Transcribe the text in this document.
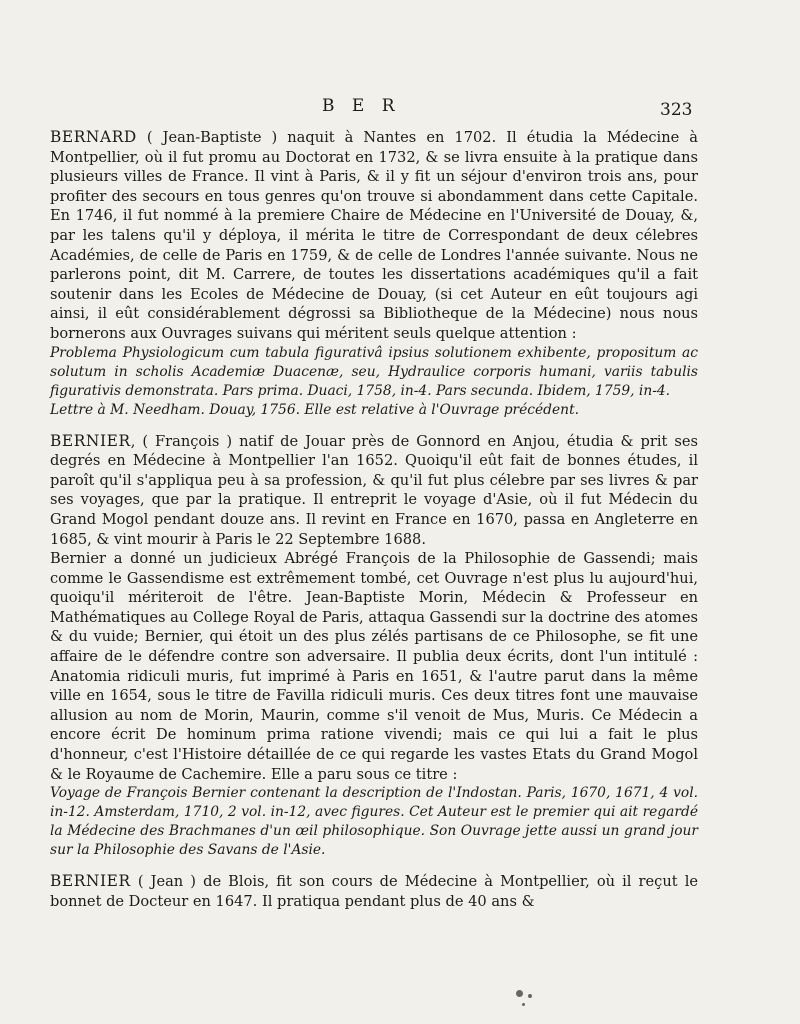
B E R	323

BERNARD ( Jean-Baptiste ) naquit à Nantes en 1702. Il étudia la Médecine à Montpellier, où il fut promu au Doctorat en 1732, & se livra ensuite à la pratique dans plusieurs villes de France. Il vint à Paris, & il y fit un séjour d'environ trois ans, pour profiter des secours en tous genres qu'on trouve si abondamment dans cette Capitale. En 1746, il fut nommé à la premiere Chaire de Médecine en l'Université de Douay, &, par les talens qu'il y déploya, il mérita le titre de Correspondant de deux célebres Académies, de celle de Paris en 1759, & de celle de Londres l'année suivante. Nous ne parlerons point, dit M. Carrere, de toutes les dissertations académiques qu'il a fait soutenir dans les Ecoles de Médecine de Douay, (si cet Auteur en eût toujours agi ainsi, il eût considérablement dégrossi sa Bibliotheque de la Médecine) nous nous bornerons aux Ouvrages suivans qui méritent seuls quelque attention :

Problema Physiologicum cum tabula figurativâ ipsius solutionem exhibente, propositum ac solutum in scholis Academiæ Duacenæ, seu, Hydraulice corporis humani, variis tabulis figurativis demonstrata. Pars prima. Duaci, 1758, in-4. Pars secunda. Ibidem, 1759, in-4.

Lettre à M. Needham. Douay, 1756. Elle est relative à l'Ouvrage précédent.

BERNIER, ( François ) natif de Jouar près de Gonnord en Anjou, étudia & prit ses degrés en Médecine à Montpellier l'an 1652. Quoiqu'il eût fait de bonnes études, il paroît qu'il s'appliqua peu à sa profession, & qu'il fut plus célebre par ses livres & par ses voyages, que par la pratique. Il entreprit le voyage d'Asie, où il fut Médecin du Grand Mogol pendant douze ans. Il revint en France en 1670, passa en Angleterre en 1685, & vint mourir à Paris le 22 Septembre 1688.

Bernier a donné un judicieux Abrégé François de la Philosophie de Gassendi; mais comme le Gassendisme est extrêmement tombé, cet Ouvrage n'est plus lu aujourd'hui, quoiqu'il mériteroit de l'être. Jean-Baptiste Morin, Médecin & Professeur en Mathématiques au College Royal de Paris, attaqua Gassendi sur la doctrine des atomes & du vuide; Bernier, qui étoit un des plus zélés partisans de ce Philosophe, se fit une affaire de le défendre contre son adversaire. Il publia deux écrits, dont l'un intitulé : Anatomia ridiculi muris, fut imprimé à Paris en 1651, & l'autre parut dans la même ville en 1654, sous le titre de Favilla ridiculi muris. Ces deux titres font une mauvaise allusion au nom de Morin, Maurin, comme s'il venoit de Mus, Muris. Ce Médecin a encore écrit De hominum prima ratione vivendi; mais ce qui lui a fait le plus d'honneur, c'est l'Histoire détaillée de ce qui regarde les vastes Etats du Grand Mogol & le Royaume de Cachemire. Elle a paru sous ce titre :

Voyage de François Bernier contenant la description de l'Indostan. Paris, 1670, 1671, 4 vol. in-12. Amsterdam, 1710, 2 vol. in-12, avec figures. Cet Auteur est le premier qui ait regardé la Médecine des Brachmanes d'un œil philosophique. Son Ouvrage jette aussi un grand jour sur la Philosophie des Savans de l'Asie.

BERNIER ( Jean ) de Blois, fit son cours de Médecine à Montpellier, où il reçut le bonnet de Docteur en 1647. Il pratiqua pendant plus de 40 ans &
